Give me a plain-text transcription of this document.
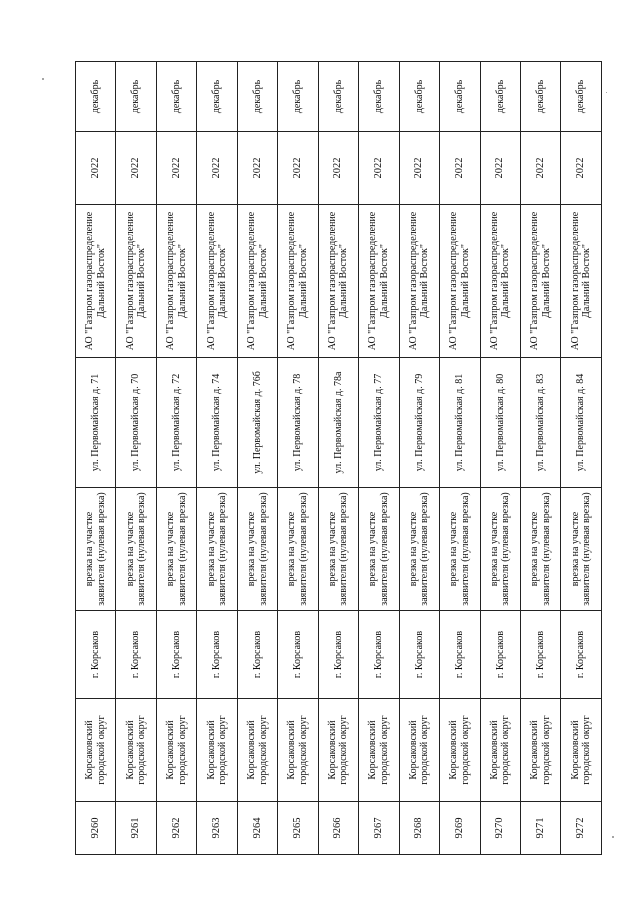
9260	Корсаковский городской округ	г. Корсаков	врезка на участке заявителя (нулевая врезка)	ул. Первомайская д. 71	АО "Газпром газораспределение Дальний Восток"	2022	декабрь
9261	Корсаковский городской округ	г. Корсаков	врезка на участке заявителя (нулевая врезка)	ул. Первомайская д. 70	АО "Газпром газораспределение Дальний Восток"	2022	декабрь
9262	Корсаковский городской округ	г. Корсаков	врезка на участке заявителя (нулевая врезка)	ул. Первомайская д. 72	АО "Газпром газораспределение Дальний Восток"	2022	декабрь
9263	Корсаковский городской округ	г. Корсаков	врезка на участке заявителя (нулевая врезка)	ул. Первомайская д. 74	АО "Газпром газораспределение Дальний Восток"	2022	декабрь
9264	Корсаковский городской округ	г. Корсаков	врезка на участке заявителя (нулевая врезка)	ул. Первомайская д. 76б	АО "Газпром газораспределение Дальний Восток"	2022	декабрь
9265	Корсаковский городской округ	г. Корсаков	врезка на участке заявителя (нулевая врезка)	ул. Первомайская д. 78	АО "Газпром газораспределение Дальний Восток"	2022	декабрь
9266	Корсаковский городской округ	г. Корсаков	врезка на участке заявителя (нулевая врезка)	ул. Первомайская д. 78а	АО "Газпром газораспределение Дальний Восток"	2022	декабрь
9267	Корсаковский городской округ	г. Корсаков	врезка на участке заявителя (нулевая врезка)	ул. Первомайская д. 77	АО "Газпром газораспределение Дальний Восток"	2022	декабрь
9268	Корсаковский городской округ	г. Корсаков	врезка на участке заявителя (нулевая врезка)	ул. Первомайская д. 79	АО "Газпром газораспределение Дальний Восток"	2022	декабрь
9269	Корсаковский городской округ	г. Корсаков	врезка на участке заявителя (нулевая врезка)	ул. Первомайская д. 81	АО "Газпром газораспределение Дальний Восток"	2022	декабрь
9270	Корсаковский городской округ	г. Корсаков	врезка на участке заявителя (нулевая врезка)	ул. Первомайская д. 80	АО "Газпром газораспределение Дальний Восток"	2022	декабрь
9271	Корсаковский городской округ	г. Корсаков	врезка на участке заявителя (нулевая врезка)	ул. Первомайская д. 83	АО "Газпром газораспределение Дальний Восток"	2022	декабрь
9272	Корсаковский городской округ	г. Корсаков	врезка на участке заявителя (нулевая врезка)	ул. Первомайская д. 84	АО "Газпром газораспределение Дальний Восток"	2022	декабрь
